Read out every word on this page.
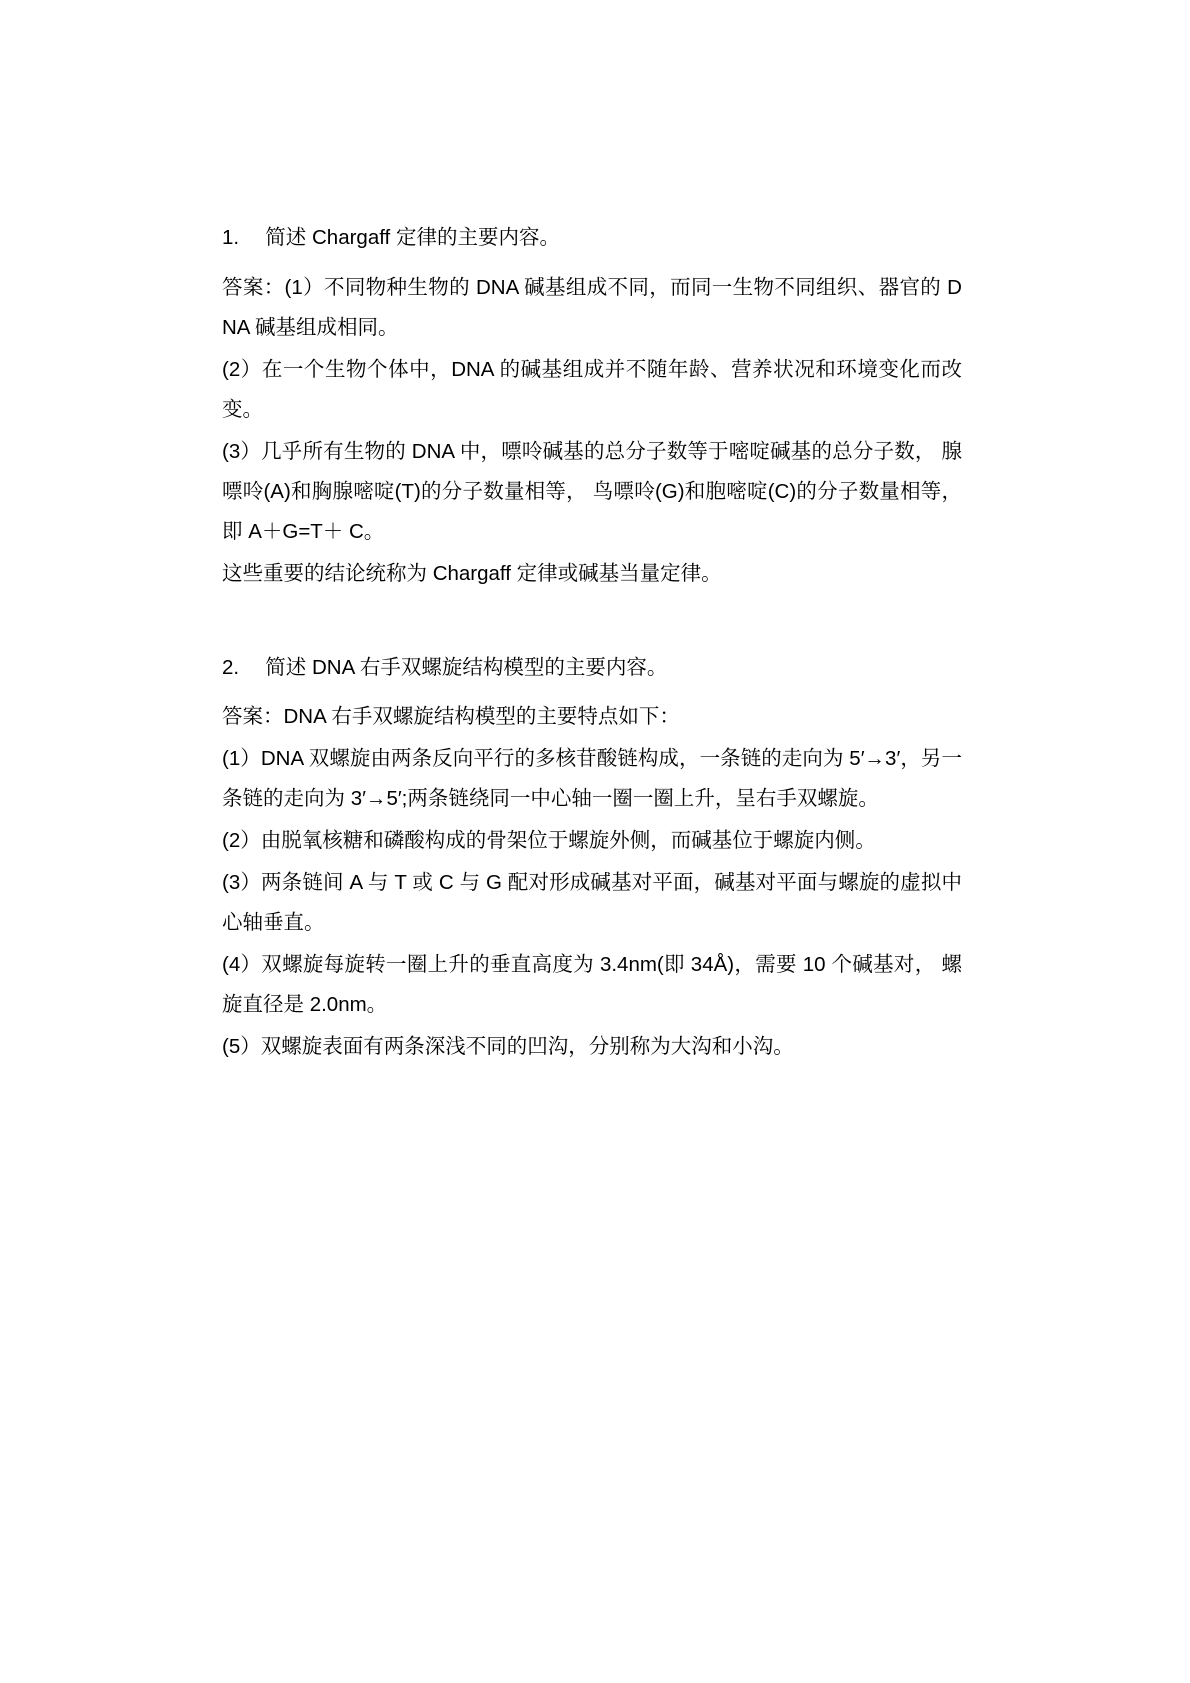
1.  简述 Chargaff 定律的主要内容。

答案：(1）不同物种生物的 DNA 碱基组成不同，而同一生物不同组织、器官的 DNA 碱基组成相同。

(2）在一个生物个体中，DNA 的碱基组成并不随年龄、营养状况和环境变化而改变。

(3）几乎所有生物的 DNA 中，嘌呤碱基的总分子数等于嘧啶碱基的总分子数， 腺嘌呤(A)和胸腺嘧啶(T)的分子数量相等， 鸟嘌呤(G)和胞嘧啶(C)的分子数量相等， 即 A＋G=T＋ C。

这些重要的结论统称为 Chargaff 定律或碱基当量定律。

2.  简述 DNA 右手双螺旋结构模型的主要内容。

答案：DNA 右手双螺旋结构模型的主要特点如下：

(1）DNA 双螺旋由两条反向平行的多核苷酸链构成，一条链的走向为 5′→3′，另一条链的走向为 3′→5′;两条链绕同一中心轴一圈一圈上升，呈右手双螺旋。

(2）由脱氧核糖和磷酸构成的骨架位于螺旋外侧，而碱基位于螺旋内侧。

(3）两条链间 A 与 T 或 C 与 G 配对形成碱基对平面，碱基对平面与螺旋的虚拟中心轴垂直。

(4）双螺旋每旋转一圈上升的垂直高度为 3.4nm(即 34Å)，需要 10 个碱基对， 螺旋直径是 2.0nm。

(5）双螺旋表面有两条深浅不同的凹沟，分别称为大沟和小沟。
